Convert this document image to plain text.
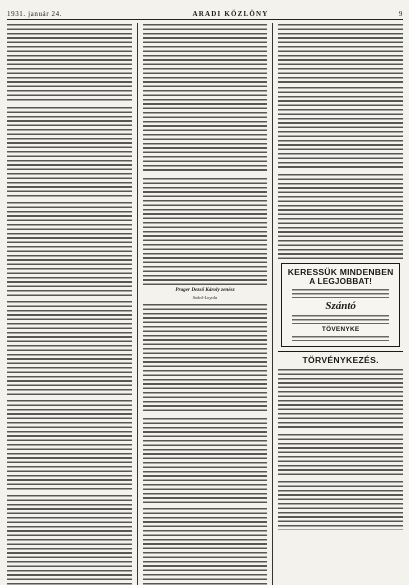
1931. január 24.	ARADI KÖZLÖNY	9
Prager Dezső Károly zenész
Sokol-Loyola
KERESSÜK MINDENBEN
A LEGJOBBAT!
Szántó
TÖVENYKE
TÖRVÉNYKEZÉS.
